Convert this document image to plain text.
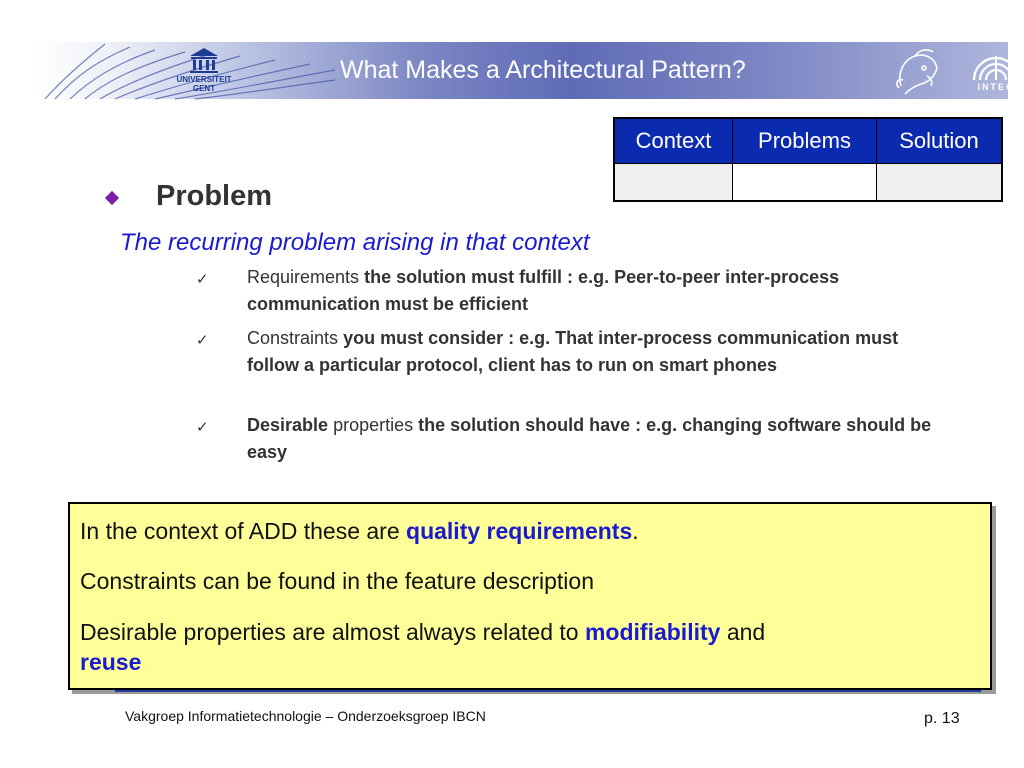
UNIVERSITEIT
GENT
What Makes a Architectural Pattern?
INTEC
Context	Problems	Solution

Problem
The recurring problem arising in that context
✓ Requirements the solution must fulfill : e.g. Peer-to-peer inter-process communication must be efficient
✓ Constraints you must consider : e.g. That inter-process communication must follow a particular protocol, client has to run on smart phones
✓ Desirable properties the solution should have : e.g. changing software should be easy

In the context of ADD these are quality requirements.

Constraints can be found in the feature description

Desirable properties are almost always related to modifiability and
reuse

Vakgroep Informatietechnologie – Onderzoeksgroep IBCN	p. 13
